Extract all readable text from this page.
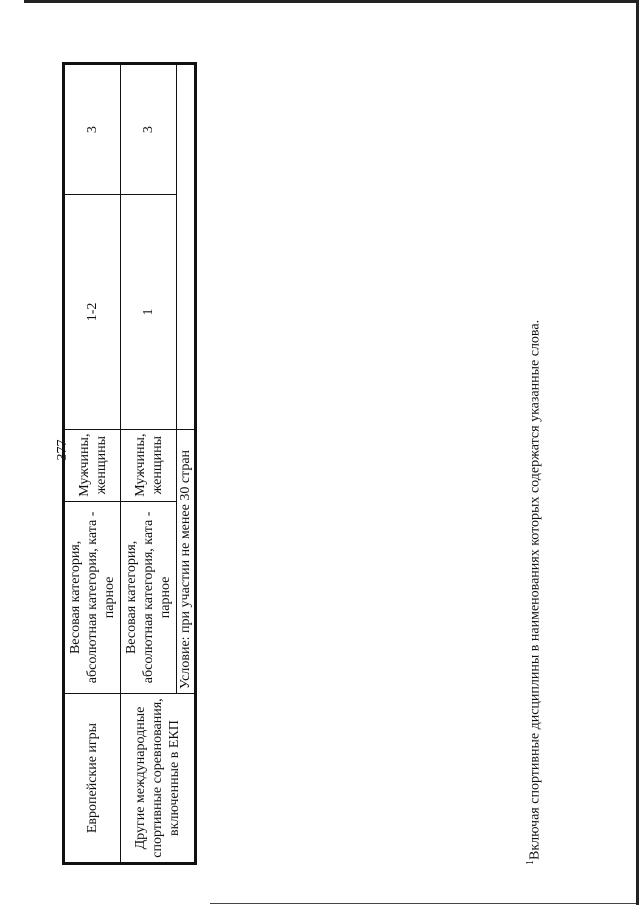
377
Европейские игры	Весовая категория, абсолютная категория, ката - парное	Мужчины, женщины	1-2	3
Другие международные спортивные соревнования, включенные в ЕКП	Весовая категория, абсолютная категория, ката - парное	Мужчины, женщины	1	3
	Условие: при участии не менее 30 стран			
$^1$Включая спортивные дисциплины в наименованиях которых содержатся указанные слова.
